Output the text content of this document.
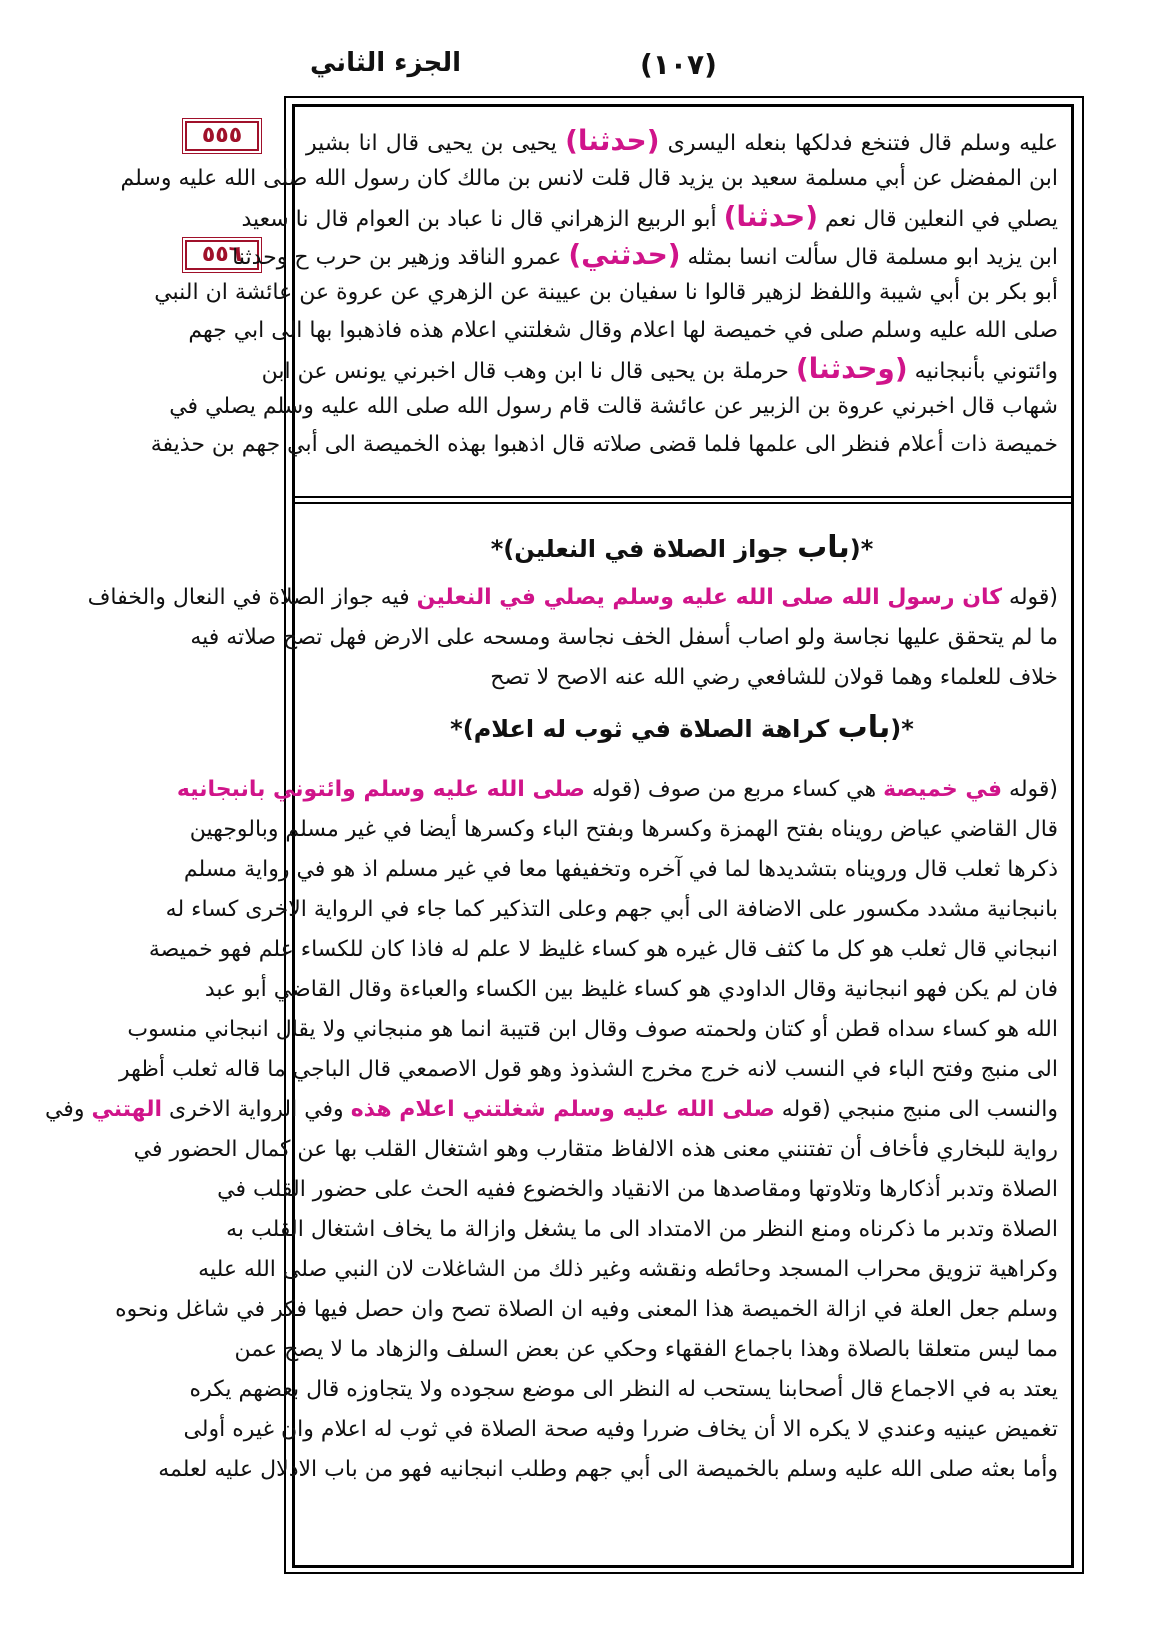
الجزء الثاني	(١٠٧)
٥٥٥
٥٥٦
عليه وسلم قال فتنخع فدلكها بنعله اليسرى (حدثنا) يحيى بن يحيى قال انا بشير
ابن المفضل عن أبي مسلمة سعيد بن يزيد قال قلت لانس بن مالك كان رسول الله صلى الله عليه وسلم
يصلي في النعلين قال نعم (حدثنا) أبو الربيع الزهراني قال نا عباد بن العوام قال نا سعيد
ابن يزيد ابو مسلمة قال سألت انسا بمثله (حدثني) عمرو الناقد وزهير بن حرب ح وحدثنا
أبو بكر بن أبي شيبة واللفظ لزهير قالوا نا سفيان بن عيينة عن الزهري عن عروة عن عائشة ان النبي
صلى الله عليه وسلم صلى في خميصة لها اعلام وقال شغلتني اعلام هذه فاذهبوا بها الى ابي جهم
وائتوني بأنبجانيه (وحدثنا) حرملة بن يحيى قال نا ابن وهب قال اخبرني يونس عن ابن
شهاب قال اخبرني عروة بن الزبير عن عائشة قالت قام رسول الله صلى الله عليه وسلم يصلي في
خميصة ذات أعلام فنظر الى علمها فلما قضى صلاته قال اذهبوا بهذه الخميصة الى أبي جهم بن حذيفة
*(باب جواز الصلاة في النعلين)*
(قوله كان رسول الله صلى الله عليه وسلم يصلي في النعلين فيه جواز الصلاة في النعال والخفاف
ما لم يتحقق عليها نجاسة ولو اصاب أسفل الخف نجاسة ومسحه على الارض فهل تصح صلاته فيه
خلاف للعلماء وهما قولان للشافعي رضي الله عنه الاصح لا تصح
*(باب كراهة الصلاة في ثوب له اعلام)*
(قوله في خميصة هي كساء مربع من صوف (قوله صلى الله عليه وسلم وائتوني بانبجانيه
قال القاضي عياض رويناه بفتح الهمزة وكسرها وبفتح الباء وكسرها أيضا في غير مسلم وبالوجهين
ذكرها ثعلب قال ورويناه بتشديدها لما في آخره وتخفيفها معا في غير مسلم اذ هو في رواية مسلم
بانبجانية مشدد مكسور على الاضافة الى أبي جهم وعلى التذكير كما جاء في الرواية الاخرى كساء له
انبجاني قال ثعلب هو كل ما كثف قال غيره هو كساء غليظ لا علم له فاذا كان للكساء علم فهو خميصة
فان لم يكن فهو انبجانية وقال الداودي هو كساء غليظ بين الكساء والعباءة وقال القاضي أبو عبد
الله هو كساء سداه قطن أو كتان ولحمته صوف وقال ابن قتيبة انما هو منبجاني ولا يقال انبجاني منسوب
الى منبج وفتح الباء في النسب لانه خرج مخرج الشذوذ وهو قول الاصمعي قال الباجي ما قاله ثعلب أظهر
والنسب الى منبج منبجي (قوله صلى الله عليه وسلم شغلتني اعلام هذه وفي الرواية الاخرى الهتني وفي
رواية للبخاري فأخاف أن تفتنني معنى هذه الالفاظ متقارب وهو اشتغال القلب بها عن كمال الحضور في
الصلاة وتدبر أذكارها وتلاوتها ومقاصدها من الانقياد والخضوع ففيه الحث على حضور القلب في
الصلاة وتدبر ما ذكرناه ومنع النظر من الامتداد الى ما يشغل وازالة ما يخاف اشتغال القلب به
وكراهية تزويق محراب المسجد وحائطه ونقشه وغير ذلك من الشاغلات لان النبي صلى الله عليه
وسلم جعل العلة في ازالة الخميصة هذا المعنى وفيه ان الصلاة تصح وان حصل فيها فكر في شاغل ونحوه
مما ليس متعلقا بالصلاة وهذا باجماع الفقهاء وحكي عن بعض السلف والزهاد ما لا يصح عمن
يعتد به في الاجماع قال أصحابنا يستحب له النظر الى موضع سجوده ولا يتجاوزه قال بعضهم يكره
تغميض عينيه وعندي لا يكره الا أن يخاف ضررا وفيه صحة الصلاة في ثوب له اعلام وان غيره أولى
وأما بعثه صلى الله عليه وسلم بالخميصة الى أبي جهم وطلب انبجانيه فهو من باب الادلال عليه لعلمه
